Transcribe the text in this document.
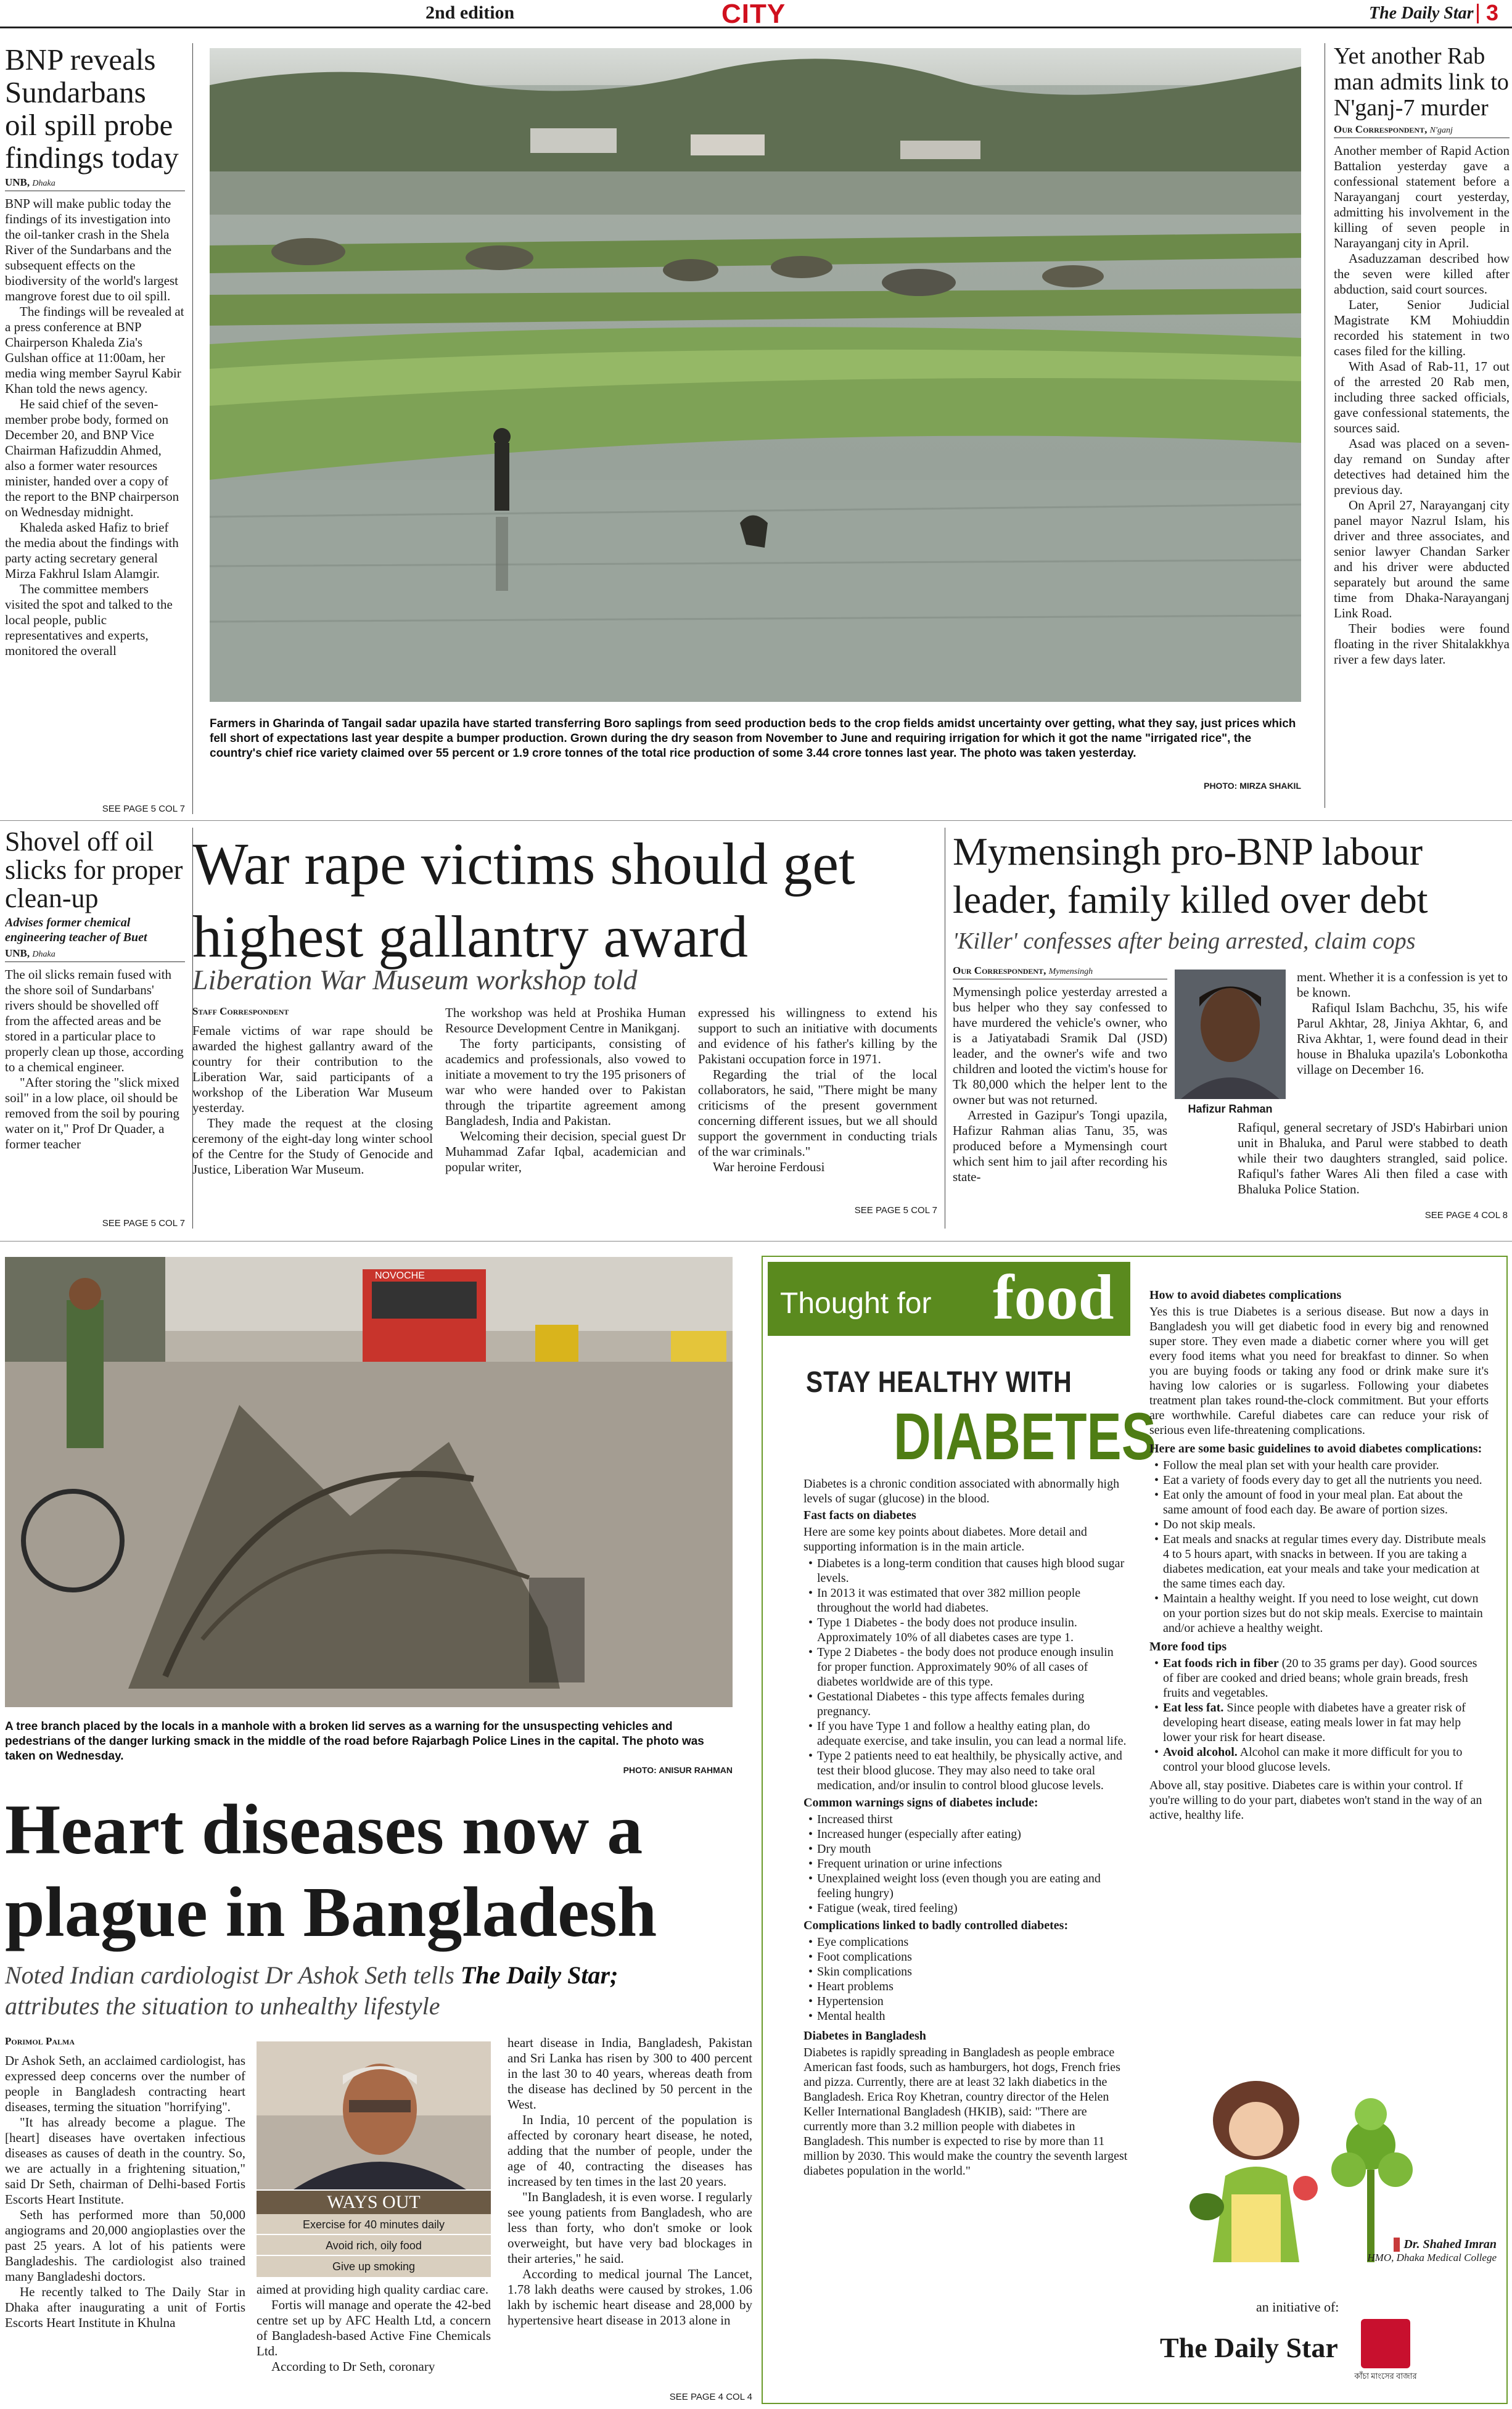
2nd edition	CITY	The Daily Star 3
BNP reveals Sundarbans oil spill probe findings today
UNB, Dhaka

BNP will make public today the findings of its investigation into the oil-tanker crash in the Shela River of the Sundarbans and the subsequent effects on the biodiversity of the world's largest mangrove forest due to oil spill.

The findings will be revealed at a press conference at BNP Chairperson Khaleda Zia's Gulshan office at 11:00am, her media wing member Sayrul Kabir Khan told the news agency.

He said chief of the seven-member probe body, formed on December 20, and BNP Vice Chairman Hafizuddin Ahmed, also a former water resources minister, handed over a copy of the report to the BNP chairperson on Wednesday midnight.

Khaleda asked Hafiz to brief the media about the findings with party acting secretary general Mirza Fakhrul Islam Alamgir.

The committee members visited the spot and talked to the local people, public representatives and experts, monitored the overall

SEE PAGE 5 COL 7
Farmers in Gharinda of Tangail sadar upazila have started transferring Boro saplings from seed production beds to the crop fields amidst uncertainty over getting, what they say, just prices which fell short of expectations last year despite a bumper production. Grown during the dry season from November to June and requiring irrigation for which it got the name "irrigated rice", the country's chief rice variety claimed over 55 percent or 1.9 crore tonnes of the total rice production of some 3.44 crore tonnes last year. The photo was taken yesterday.
PHOTO: MIRZA SHAKIL
Yet another Rab man admits link to N'ganj-7 murder
Our Correspondent, N'ganj

Another member of Rapid Action Battalion yesterday gave a confessional statement before a Narayanganj court yesterday, admitting his involvement in the killing of seven people in Narayanganj city in April.

Asaduzzaman described how the seven were killed after abduction, said court sources.

Later, Senior Judicial Magistrate KM Mohiuddin recorded his statement in two cases filed for the killing.

With Asad of Rab-11, 17 out of the arrested 20 Rab men, including three sacked officials, gave confessional statements, the sources said.

Asad was placed on a seven-day remand on Sunday after detectives had detained him the previous day.

On April 27, Narayanganj city panel mayor Nazrul Islam, his driver and three associates, and senior lawyer Chandan Sarker and his driver were abducted separately but around the same time from Dhaka-Narayanganj Link Road.

Their bodies were found floating in the river Shitalakkhya river a few days later.

Shovel off oil slicks for proper clean-up
Advises former chemical engineering teacher of Buet
UNB, Dhaka

The oil slicks remain fused with the shore soil of Sundarbans' rivers should be shovelled off from the affected areas and be stored in a particular place to properly clean up those, according to a chemical engineer.

"After storing the "slick mixed soil" in a low place, oil should be removed from the soil by pouring water on it," Prof Dr Quader, a former teacher

SEE PAGE 5 COL 7
War rape victims should get highest gallantry award
Liberation War Museum workshop told
Staff Correspondent

Female victims of war rape should be awarded the highest gallantry award of the country for their contribution to the Liberation War, said participants of a workshop of the Liberation War Museum yesterday.

They made the request at the closing ceremony of the eight-day long winter school of the Centre for the Study of Genocide and Justice, Liberation War Museum.

The workshop was held at Proshika Human Resource Development Centre in Manikganj.

The forty participants, consisting of academics and professionals, also vowed to initiate a movement to try the 195 prisoners of war who were handed over to Pakistan through the tripartite agreement among Bangladesh, India and Pakistan.

Welcoming their decision, special guest Dr Muhammad Zafar Iqbal, academician and popular writer,

expressed his willingness to extend his support to such an initiative with documents and evidence of his father's killing by the Pakistani occupation force in 1971.

Regarding the trial of the local collaborators, he said, "There might be many criticisms of the present government concerning different issues, but we all should support the government in conducting trials of the war criminals."

War heroine Ferdousi

SEE PAGE 5 COL 7
Mymensingh pro-BNP labour leader, family killed over debt
'Killer' confesses after being arrested, claim cops
Our Correspondent, Mymensingh

Mymensingh police yesterday arrested a bus helper who they say confessed to have murdered the vehicle's owner, who is a Jatiyatabadi Sramik Dal (JSD) leader, and the owner's wife and two children and looted the victim's house for Tk 80,000 which the helper lent to the owner but was not returned.

Arrested in Gazipur's Tongi upazila, Hafizur Rahman alias Tanu, 35, was produced before a Mymensingh court which sent him to jail after recording his state-

Hafizur Rahman

ment. Whether it is a confession is yet to be known.

Rafiqul Islam Bachchu, 35, his wife Parul Akhtar, 28, Jiniya Akhtar, 6, and Riva Akhtar, 1, were found dead in their house in Bhaluka upazila's Lobonkotha village on December 16.

Rafiqul, general secretary of JSD's Habirbari union unit in Bhaluka, and Parul were stabbed to death while their two daughters strangled, said police. Rafiqul's father Wares Ali then filed a case with Bhaluka Police Station.

SEE PAGE 4 COL 8
NOVOCHE
A tree branch placed by the locals in a manhole with a broken lid serves as a warning for the unsuspecting vehicles and pedestrians of the danger lurking smack in the middle of the road before Rajarbagh Police Lines in the capital. The photo was taken on Wednesday.
PHOTO: ANISUR RAHMAN
Heart diseases now a plague in Bangladesh
Noted Indian cardiologist Dr Ashok Seth tells The Daily Star;
attributes the situation to unhealthy lifestyle
Porimol Palma

Dr Ashok Seth, an acclaimed cardiologist, has expressed deep concerns over the number of people in Bangladesh contracting heart diseases, terming the situation "horrifying".

"It has already become a plague. The [heart] diseases have overtaken infectious diseases as causes of death in the country. So, we are actually in a frightening situation," said Dr Seth, chairman of Delhi-based Fortis Escorts Heart Institute.

Seth has performed more than 50,000 angiograms and 20,000 angioplasties over the past 25 years. A lot of his patients were Bangladeshis. The cardiologist also trained many Bangladeshi doctors.

He recently talked to The Daily Star in Dhaka after inaugurating a unit of Fortis Escorts Heart Institute in Khulna

WAYS OUT
Exercise for 40 minutes daily
Avoid rich, oily food
Give up smoking

aimed at providing high quality cardiac care.

Fortis will manage and operate the 42-bed centre set up by AFC Health Ltd, a concern of Bangladesh-based Active Fine Chemicals Ltd.

According to Dr Seth, coronary

heart disease in India, Bangladesh, Pakistan and Sri Lanka has risen by 300 to 400 percent in the last 30 to 40 years, whereas death from the disease has declined by 50 percent in the West.

In India, 10 percent of the population is affected by coronary heart disease, he noted, adding that the number of people, under the age of 40, contracting the diseases has increased by ten times in the last 20 years.

"In Bangladesh, it is even worse. I regularly see young patients from Bangladesh, who are less than forty, who don't smoke or look overweight, but have very bad blockages in their arteries," he said.

According to medical journal The Lancet, 1.78 lakh deaths were caused by strokes, 1.06 lakh by ischemic heart disease and 28,000 by hypertensive heart disease in 2013 alone in

SEE PAGE 4 COL 4
Thought for food
STAY HEALTHY WITH
DIABETES

Diabetes is a chronic condition associated with abnormally high levels of sugar (glucose) in the blood.

Fast facts on diabetes

Here are some key points about diabetes. More detail and supporting information is in the main article.

• Diabetes is a long-term condition that causes high blood sugar levels.
• In 2013 it was estimated that over 382 million people throughout the world had diabetes.
• Type 1 Diabetes - the body does not produce insulin. Approximately 10% of all diabetes cases are type 1.
• Type 2 Diabetes - the body does not produce enough insulin for proper function. Approximately 90% of all cases of diabetes worldwide are of this type.
• Gestational Diabetes - this type affects females during pregnancy.
• If you have Type 1 and follow a healthy eating plan, do adequate exercise, and take insulin, you can lead a normal life.
• Type 2 patients need to eat healthily, be physically active, and test their blood glucose. They may also need to take oral medication, and/or insulin to control blood glucose levels.

Common warnings signs of diabetes include:

• Increased thirst
• Increased hunger (especially after eating)
• Dry mouth
• Frequent urination or urine infections
• Unexplained weight loss (even though you are eating and feeling hungry)
• Fatigue (weak, tired feeling)

Complications linked to badly controlled diabetes:

• Eye complications
• Foot complications
• Skin complications
• Heart problems
• Hypertension
• Mental health

Diabetes in Bangladesh

Diabetes is rapidly spreading in Bangladesh as people embrace American fast foods, such as hamburgers, hot dogs, French fries and pizza. Currently, there are at least 32 lakh diabetics in the Bangladesh. Erica Roy Khetran, country director of the Helen Keller International Bangladesh (HKIB), said: "There are currently more than 3.2 million people with diabetes in Bangladesh. This number is expected to rise by more than 11 million by 2030. This would make the country the seventh largest diabetes population in the world."

How to avoid diabetes complications

Yes this is true Diabetes is a serious disease. But now a days in Bangladesh you will get diabetic food in every big and renowned super store. They even made a diabetic corner where you will get every food items what you need for breakfast to dinner. So when you are buying foods or taking any food or drink make sure it's having low calories or is sugarless. Following your diabetes treatment plan takes round-the-clock commitment. But your efforts are worthwhile. Careful diabetes care can reduce your risk of serious even life-threatening complications.

Here are some basic guidelines to avoid diabetes complications:

• Follow the meal plan set with your health care provider.
• Eat a variety of foods every day to get all the nutrients you need.
• Eat only the amount of food in your meal plan. Eat about the same amount of food each day. Be aware of portion sizes.
• Do not skip meals.
• Eat meals and snacks at regular times every day. Distribute meals 4 to 5 hours apart, with snacks in between. If you are taking a diabetes medication, eat your meals and take your medication at the same times each day.
• Maintain a healthy weight. If you need to lose weight, cut down on your portion sizes but do not skip meals. Exercise to maintain and/or achieve a healthy weight.

More food tips

• Eat foods rich in fiber (20 to 35 grams per day). Good sources of fiber are cooked and dried beans; whole grain breads, fresh fruits and vegetables.
• Eat less fat. Since people with diabetes have a greater risk of developing heart disease, eating meals lower in fat may help lower your risk for heart disease.
• Avoid alcohol. Alcohol can make it more difficult for you to control your blood glucose levels.

Above all, stay positive. Diabetes care is within your control. If you're willing to do your part, diabetes won't stand in the way of an active, healthy life.

Dr. Shahed Imran
HMO, Dhaka Medical College
an initiative of:
The Daily Star
কাঁচা মাংসের বাজার
